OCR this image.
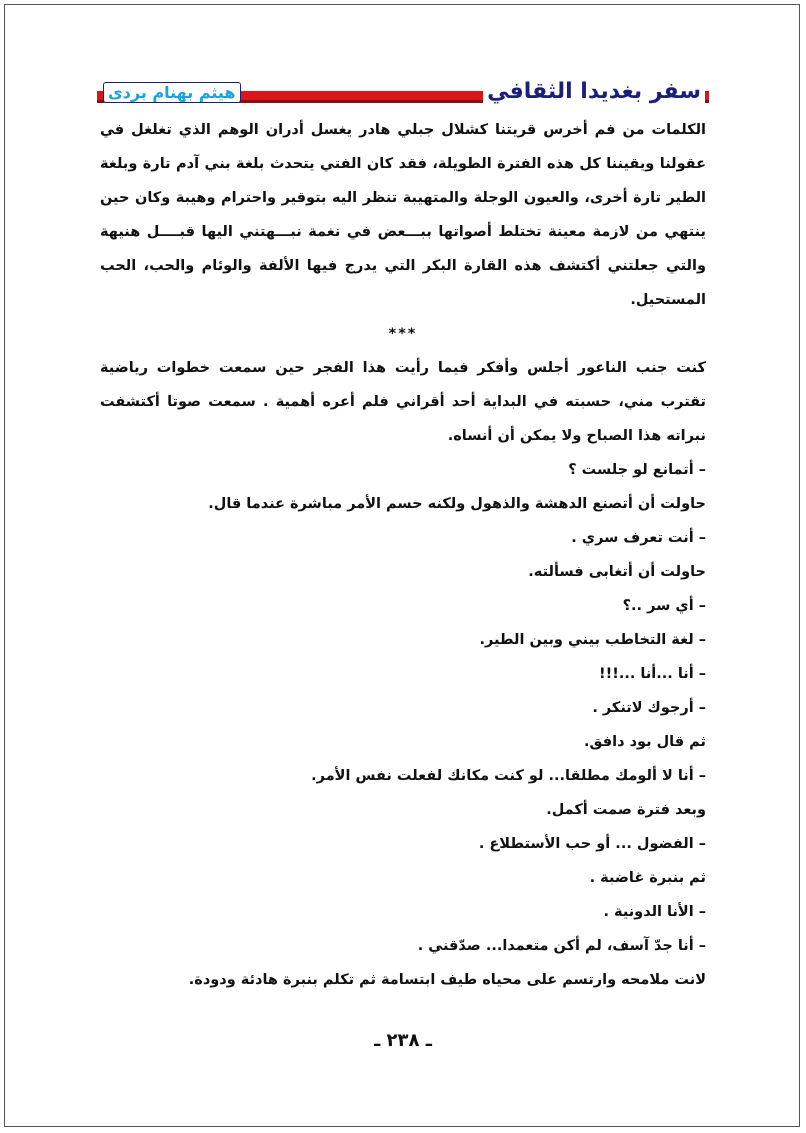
هيثم بهنام بردى	سفر بغديدا الثقافي

الكلمات من فم أخرس قريتنا كشلال جبلي هادر يغسل أدران الوهم الذي تغلغل في عقولنا ويقيننا كل هذه الفترة الطويلة، فقد كان الفتي يتحدث بلغة بني آدم تارة وبلغة الطير تارة أخرى، والعيون الوجلة والمتهيبة تنظر اليه بتوقير واحترام وهيبة وكان حين ينتهي من لازمة معينة تختلط أصواتها ببـــعض في نغمة نبـــهتني اليها قبــــل هنيهة والتي جعلتني أكتشف هذه القارة البكر التي يدرج فيها الألفة والوئام والحب، الحب المستحيل.

***

كنت جنب الناعور أجلس وأفكر فيما رأيت هذا الفجر حين سمعت خطوات رياضية تقترب مني، حسبته في البداية أحد أقراني فلم أعره أهمية . سمعت صوتا أكتشفت نبراته هذا الصباح ولا يمكن أن أنساه.

– أتمانع لو جلست ؟

حاولت أن أتصنع الدهشة والذهول ولكنه حسم الأمر مباشرة عندما قال.

– أنت تعرف سري .

حاولت أن أتغابى فسألته.

– أي سر ..؟

– لغة التخاطب بيني وبين الطير.

– أنا ...أنا ...!!!

– أرجوك لاتنكر .

ثم قال بود دافق.

– أنا لا ألومك مطلقا... لو كنت مكانك لفعلت نفس الأمر.

وبعد فترة صمت أكمل.

– الفضول ... أو حب الأستطلاع .

ثم بنبرة غاضبة .

– الأنا الدونية .

– أنا جدّ آسف، لم أكن متعمدا... صدّقني .

لانت ملامحه وارتسم على محياه طيف ابتسامة ثم تكلم بنبرة هادئة ودودة.

ـ ٢٣٨ ـ
